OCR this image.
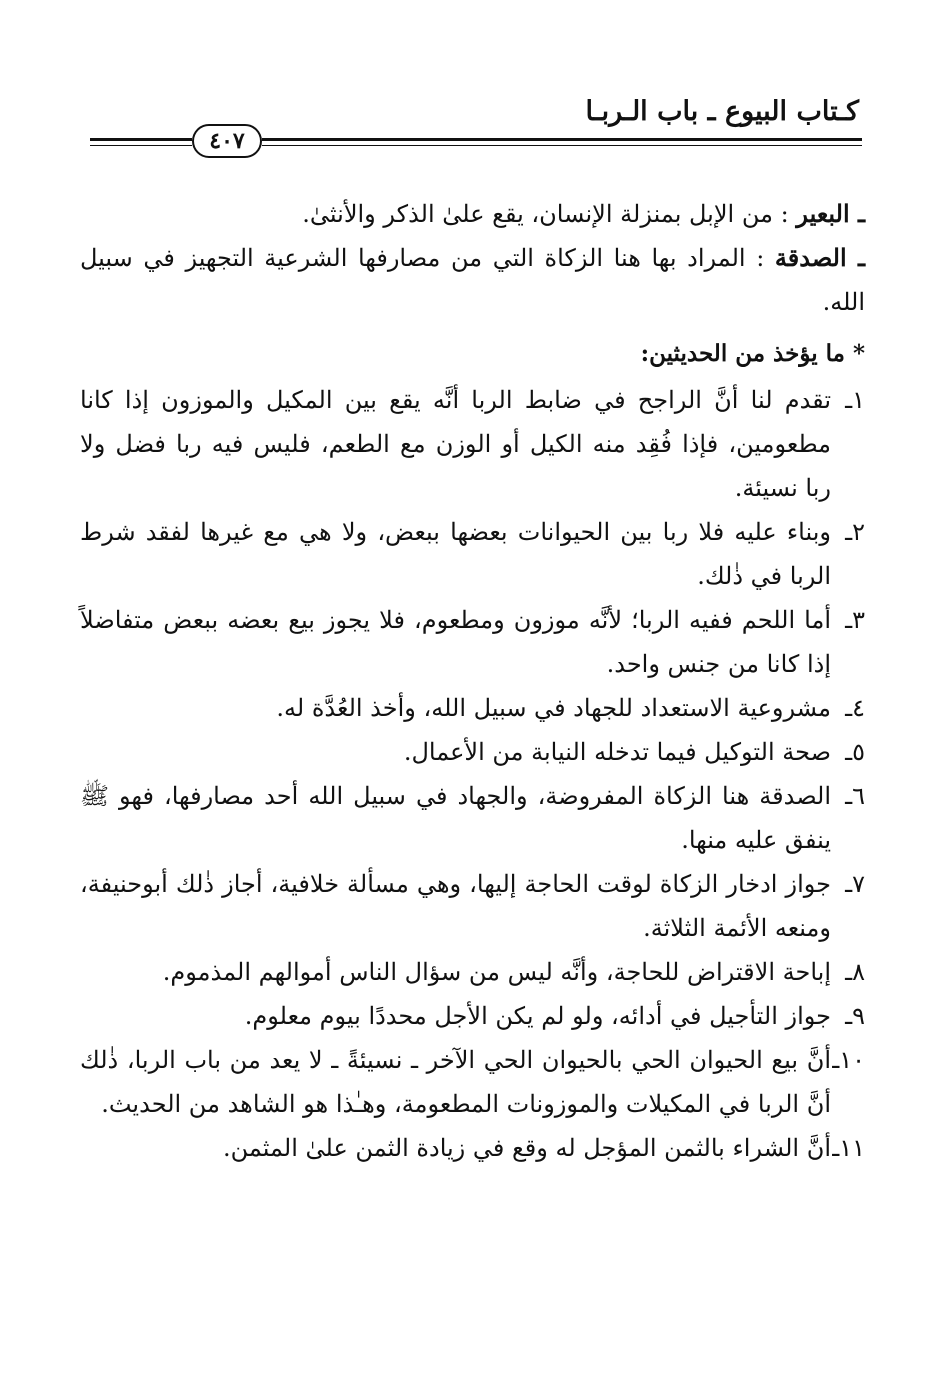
كـتاب البيوع ـ باب الـربـا
٤٠٧

ـ البعير : من الإبل بمنزلة الإنسان، يقع علىٰ الذكر والأنثىٰ.

ـ الصدقة : المراد بها هنا الزكاة التي من مصارفها الشرعية التجهيز في سبيل الله.

* ما يؤخذ من الحديثين:

١ـ
تقدم لنا أنَّ الراجح في ضابط الربا أنَّه يقع بين المكيل والموزون إذا كانا مطعومين، فإذا فُقِد منه الكيل أو الوزن مع الطعم، فليس فيه ربا فضل ولا ربا نسيئة.

٢ـ
وبناء عليه فلا ربا بين الحيوانات بعضها ببعض، ولا هي مع غيرها لفقد شرط الربا في ذٰلك.

٣ـ
أما اللحم ففيه الربا؛ لأنَّه موزون ومطعوم، فلا يجوز بيع بعضه ببعض متفاضلاً إذا كانا من جنس واحد.

٤ـ
مشروعية الاستعداد للجهاد في سبيل الله، وأخذ العُدَّة له.

٥ـ
صحة التوكيل فيما تدخله النيابة من الأعمال.

٦ـ
الصدقة هنا الزكاة المفروضة، والجهاد في سبيل الله أحد مصارفها، فهو ﷺ ينفق عليه منها.

٧ـ
جواز ادخار الزكاة لوقت الحاجة إليها، وهي مسألة خلافية، أجاز ذٰلك أبوحنيفة، ومنعه الأئمة الثلاثة.

٨ـ
إباحة الاقتراض للحاجة، وأنَّه ليس من سؤال الناس أموالهم المذموم.

٩ـ
جواز التأجيل في أدائه، ولو لم يكن الأجل محددًا بيوم معلوم.

١٠ـ
أنَّ بيع الحيوان الحي بالحيوان الحي الآخر ـ نسيئةً ـ لا يعد من باب الربا، ذٰلك أنَّ الربا في المكيلات والموزونات المطعومة، وهـٰذا هو الشاهد من الحديث.

١١ـ
أنَّ الشراء بالثمن المؤجل له وقع في زيادة الثمن علىٰ المثمن.
